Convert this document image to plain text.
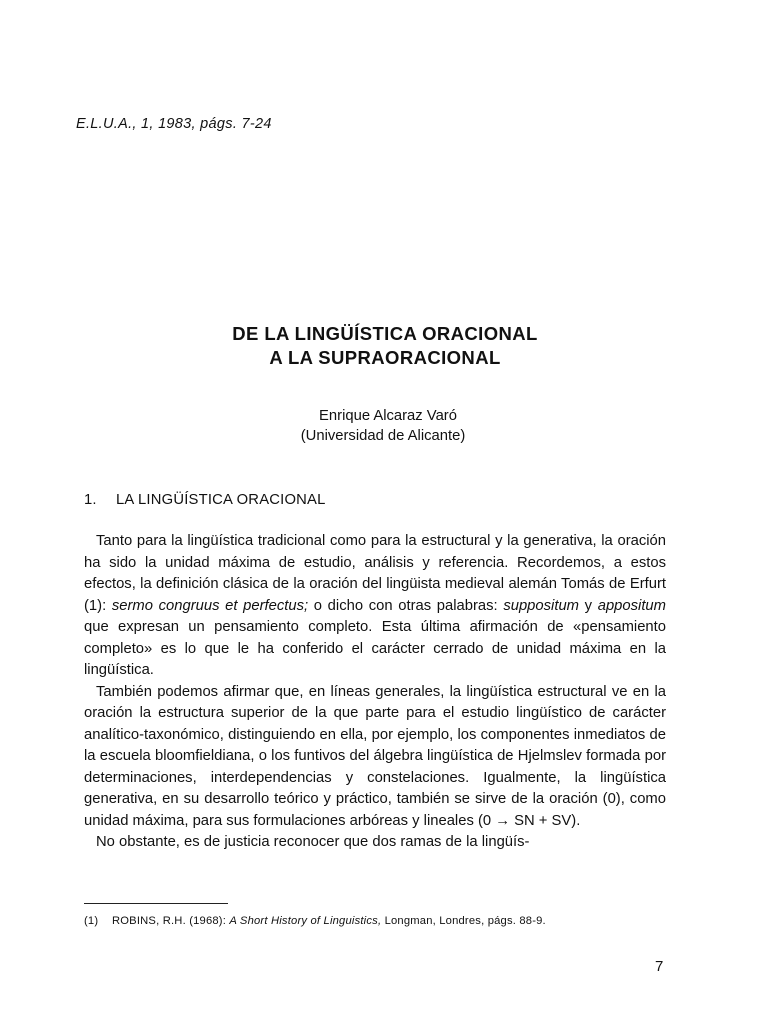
E.L.U.A., 1, 1983, págs. 7-24
DE LA LINGÜÍSTICA ORACIONAL
A LA SUPRAORACIONAL
Enrique Alcaraz Varó
(Universidad de Alicante)
1. LA LINGÜÍSTICA ORACIONAL

Tanto para la lingüística tradicional como para la estructural y la generativa, la oración ha sido la unidad máxima de estudio, análisis y referencia. Recordemos, a estos efectos, la definición clásica de la oración del lingüista medieval alemán Tomás de Erfurt (1): sermo congruus et perfectus; o dicho con otras palabras: suppositum y appositum que expresan un pensamiento completo. Esta última afirmación de «pensamiento completo» es lo que le ha conferido el carácter cerrado de unidad máxima en la lingüística.

También podemos afirmar que, en líneas generales, la lingüística estructural ve en la oración la estructura superior de la que parte para el estudio lingüístico de carácter analítico-taxonómico, distinguiendo en ella, por ejemplo, los componentes inmediatos de la escuela bloomfieldiana, o los funtivos del álgebra lingüística de Hjelmslev formada por determinaciones, interdependencias y constelaciones. Igualmente, la lingüística generativa, en su desarrollo teórico y práctico, también se sirve de la oración (0), como unidad máxima, para sus formulaciones arbóreas y lineales (0 → SN + SV).

No obstante, es de justicia reconocer que dos ramas de la lingüís-

(1) ROBINS, R.H. (1968): A Short History of Linguistics, Longman, Londres, págs. 88-9.
7
